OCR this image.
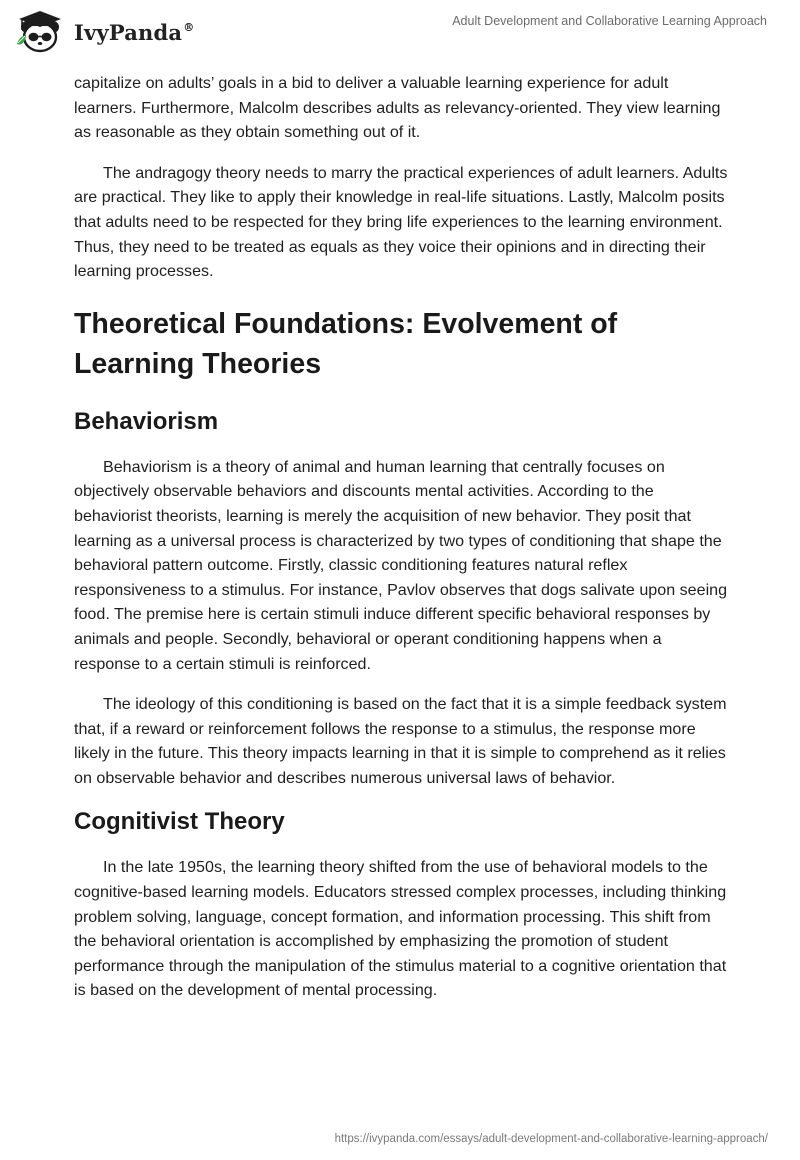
IvyPanda®	Adult Development and Collaborative Learning Approach

capitalize on adults’ goals in a bid to deliver a valuable learning experience for adult learners. Furthermore, Malcolm describes adults as relevancy-oriented. They view learning as reasonable as they obtain something out of it.

The andragogy theory needs to marry the practical experiences of adult learners. Adults are practical. They like to apply their knowledge in real-life situations. Lastly, Malcolm posits that adults need to be respected for they bring life experiences to the learning environment. Thus, they need to be treated as equals as they voice their opinions and in directing their learning processes.

Theoretical Foundations: Evolvement of Learning Theories
Behaviorism

Behaviorism is a theory of animal and human learning that centrally focuses on objectively observable behaviors and discounts mental activities. According to the behaviorist theorists, learning is merely the acquisition of new behavior. They posit that learning as a universal process is characterized by two types of conditioning that shape the behavioral pattern outcome. Firstly, classic conditioning features natural reflex responsiveness to a stimulus. For instance, Pavlov observes that dogs salivate upon seeing food. The premise here is certain stimuli induce different specific behavioral responses by animals and people. Secondly, behavioral or operant conditioning happens when a response to a certain stimuli is reinforced.

The ideology of this conditioning is based on the fact that it is a simple feedback system that, if a reward or reinforcement follows the response to a stimulus, the response more likely in the future. This theory impacts learning in that it is simple to comprehend as it relies on observable behavior and describes numerous universal laws of behavior.

Cognitivist Theory

In the late 1950s, the learning theory shifted from the use of behavioral models to the cognitive-based learning models. Educators stressed complex processes, including thinking problem solving, language, concept formation, and information processing. This shift from the behavioral orientation is accomplished by emphasizing the promotion of student performance through the manipulation of the stimulus material to a cognitive orientation that is based on the development of mental processing.

https://ivypanda.com/essays/adult-development-and-collaborative-learning-approach/
